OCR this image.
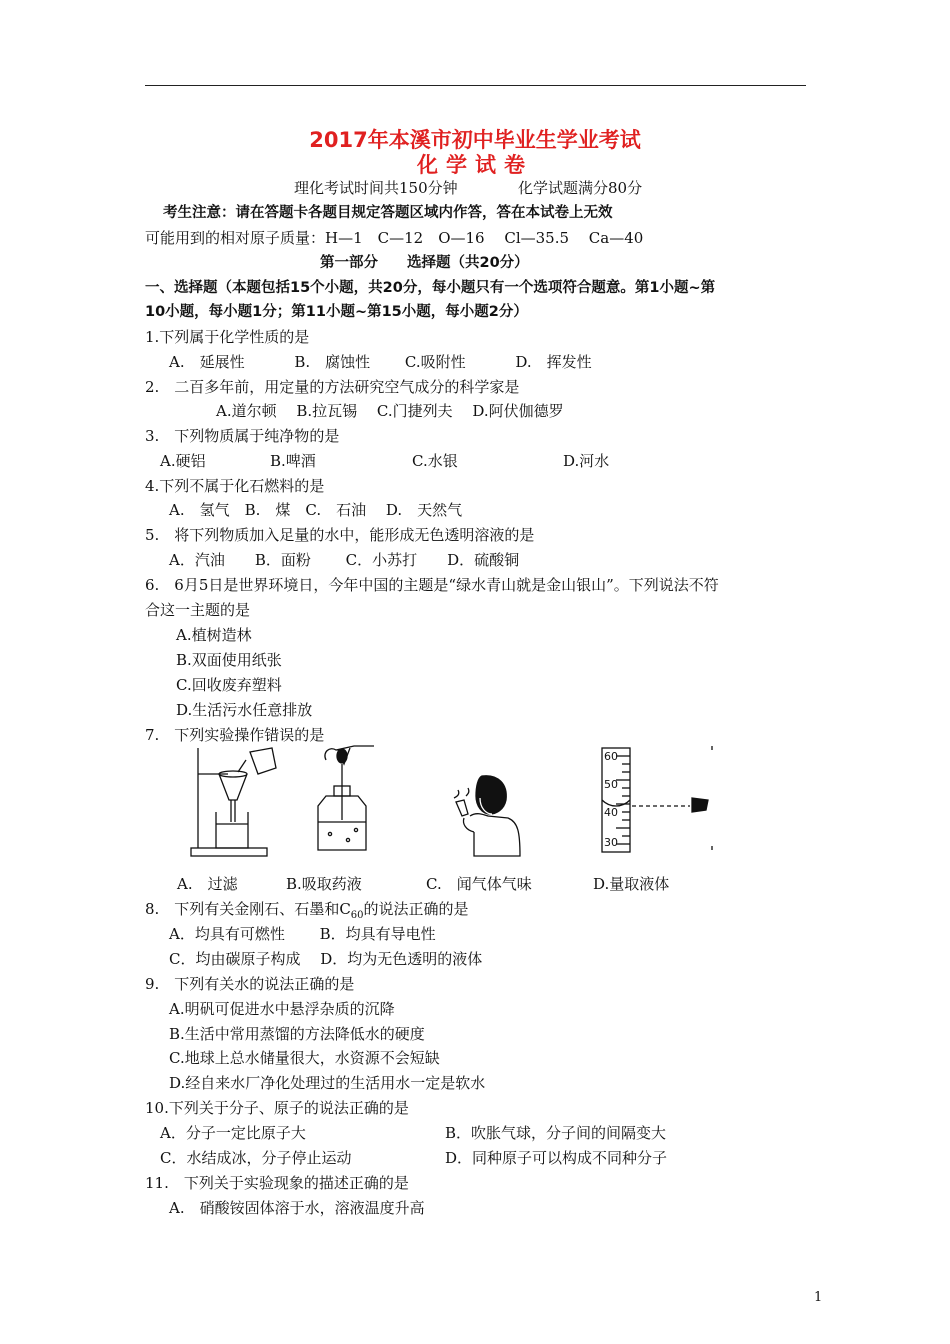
2017年本溪市初中毕业生学业考试
化学试卷
理化考试时间共150分钟	化学试题满分80分
考生注意：请在答题卡各题目规定答题区域内作答，答在本试卷上无效
可能用到的相对原子质量：H—1　C—12　O—16　 Cl—35.5　 Ca—40
第一部分　　选择题（共20分）
一、选择题（本题包括15个小题，共20分，每小题只有一个选项符合题意。第1小题~第
10小题，每小题1分；第11小题~第15小题，每小题2分）
1.下列属于化学性质的是
A.　延展性　　　 B.　腐蚀性　　 C.吸附性　　　 D.　挥发性
2.　二百多年前，用定量的方法研究空气成分的科学家是
A.道尔顿　 B.拉瓦锡　 C.门捷列夫　 D.阿伏伽德罗
3.　下列物质属于纯净物的是
A.硬铝	B.啤酒	C.水银	D.河水
4.下列不属于化石燃料的是
A.　氢气　B.　煤　C.　石油　 D.　天然气
5.　将下列物质加入足量的水中，能形成无色透明溶液的是
A．汽油　　B．面粉　　 C．小苏打　　D．硫酸铜
6.　6月5日是世界环境日，今年中国的主题是“绿水青山就是金山银山”。下列说法不符
合这一主题的是
A.植树造林
B.双面使用纸张
C.回收废弃塑料
D.生活污水任意排放
7.　下列实验操作错误的是
60
50
40
30
A.　过滤	B.吸取药液	C.　闻气体气味	D.量取液体
8.　下列有关金刚石、石墨和$C_{60}$的说法正确的是
A．均具有可燃性　　 B．均具有导电性
C．均由碳原子构成　 D．均为无色透明的液体
9.　下列有关水的说法正确的是
A.明矾可促进水中悬浮杂质的沉降
B.生活中常用蒸馏的方法降低水的硬度
C.地球上总水储量很大，水资源不会短缺
D.经自来水厂净化处理过的生活用水一定是软水
10.下列关于分子、原子的说法正确的是
A．分子一定比原子大	B．吹胀气球，分子间的间隔变大
C．水结成冰，分子停止运动	D．同种原子可以构成不同种分子
11.　下列关于实验现象的描述正确的是
A.　硝酸铵固体溶于水，溶液温度升高
1
